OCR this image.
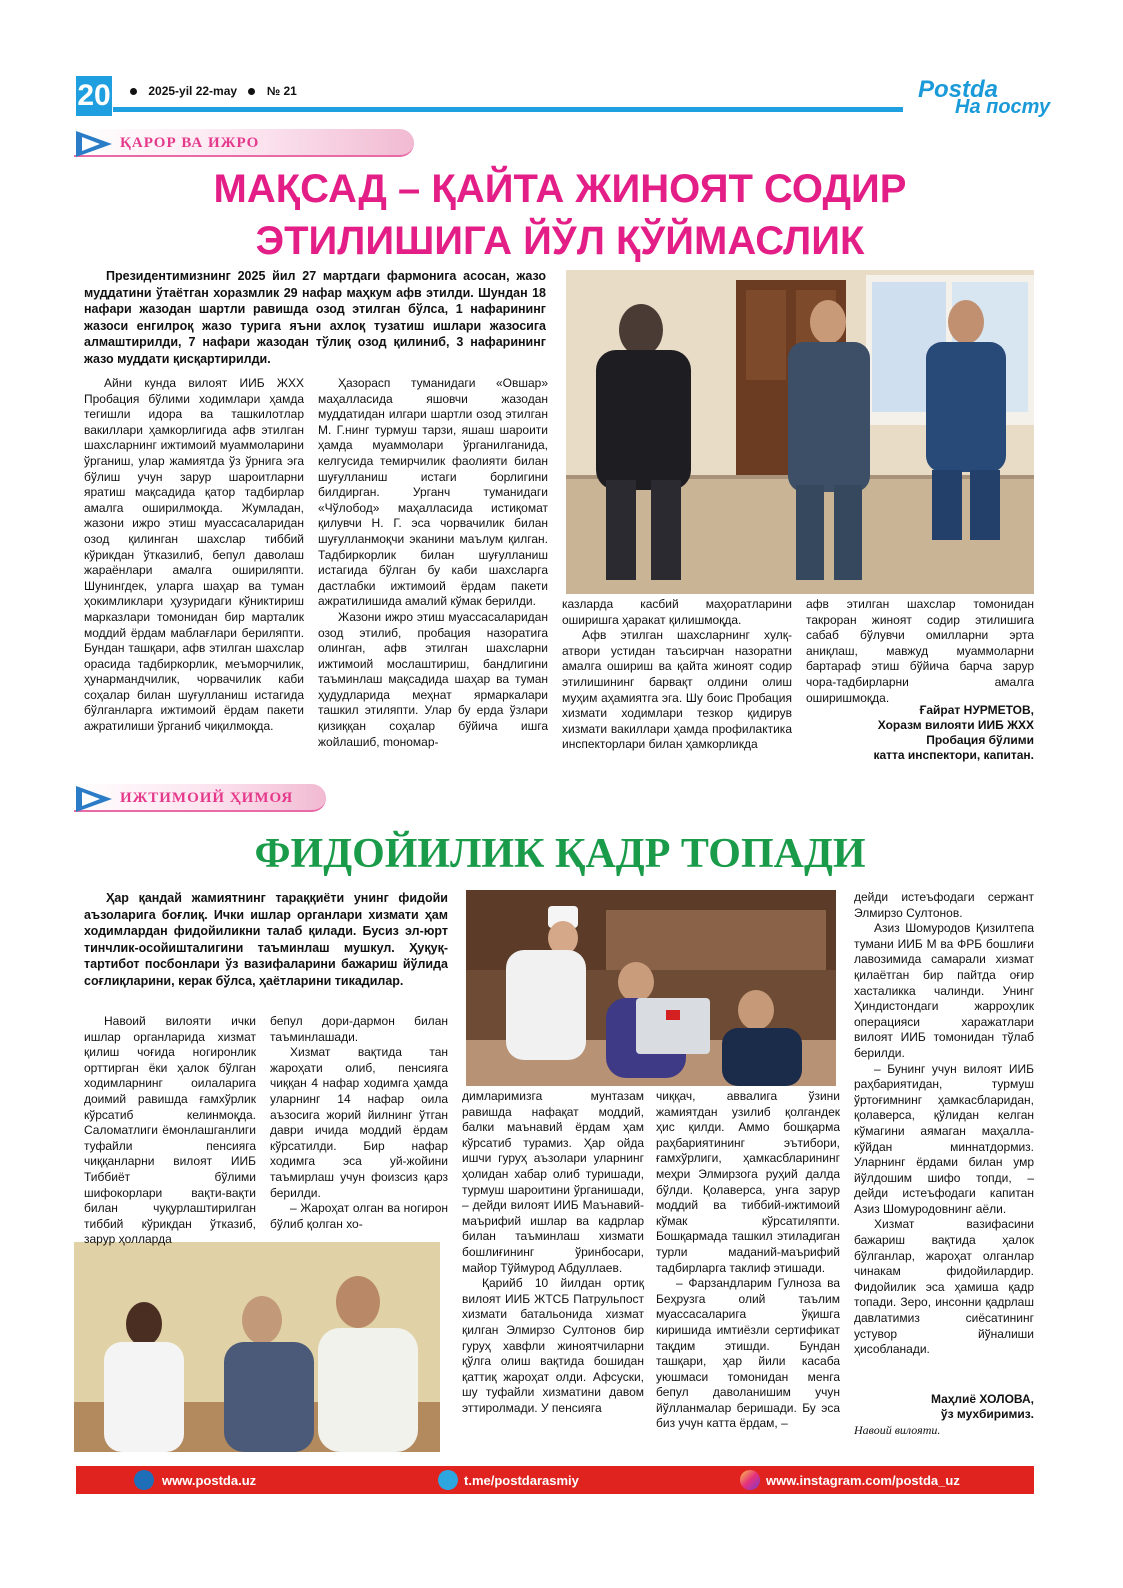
20	2025-yil 22-may № 21	Postda
На посту
ҚАРОР ВА ИЖРО
МАҚСАД – ҚАЙТА ЖИНОЯТ СОДИР
ЭТИЛИШИГА ЙЎЛ ҚЎЙМАСЛИК
Президентимизнинг 2025 йил 27 мартдаги фармонига асосан, жазо муддатини ўтаётган хоразмлик 29 нафар маҳкум афв этилди. Шундан 18 нафари жазодан шартли равишда озод этилган бўлса, 1 нафарининг жазоси енгилроқ жазо турига яъни ахлоқ тузатиш ишлари жазосига алмаштирилди, 7 нафари жазодан тўлиқ озод қилиниб, 3 нафарининг жазо муддати қисқартирилди.

Айни кунда вилоят ИИБ ЖХХ Пробация бўлими ходимлари ҳамда тегишли идора ва ташкилотлар вакиллари ҳамкорлигида афв этилган шахсларнинг ижтимоий муаммоларини ўрганиш, улар жамиятда ўз ўрнига эга бўлиш учун зарур шароитларни яратиш мақсадида қатор тадбирлар амалга оширилмоқда. Жумладан, жазони ижро этиш муассасаларидан озод қилинган шахслар тиббий кўрикдан ўтказилиб, бепул даволаш жараёнлари амалга ошириляпти. Шунингдек, уларга шаҳар ва туман ҳокимликлари ҳузуридаги кўниктириш марказлари томонидан бир марталик моддий ёрдам маблағлари бериляпти. Бундан ташқари, афв этилган шахслар орасида тадбиркорлик, меъморчилик, ҳунармандчилик, чорвачилик каби соҳалар билан шуғулланиш истагида бўлганларга ижтимоий ёрдам пакети ажратилиши ўрганиб чиқилмоқда.

Ҳазорасп туманидаги «Овшар» маҳалласида яшовчи жазодан муддатидан илгари шартли озод этилган М. Г.нинг турмуш тарзи, яшаш шароити ҳамда муаммолари ўрганилганида, келгусида темирчилик фаолияти билан шуғулланиш истаги борлигини билдирган. Урганч туманидаги «Чўлобод» маҳалласида истиқомат қилувчи Н. Г. эса чорвачилик билан шуғулланмоқчи эканини маълум қилган. Тадбиркорлик билан шуғулланиш истагида бўлган бу каби шахсларга дастлабки ижтимоий ёрдам пакети ажратилишида амалий кўмак берилди.

Жазони ижро этиш муассасаларидан озод этилиб, пробация назоратига олинган, афв этилган шахсларни ижтимоий мослаштириш, бандлигини таъминлаш мақсадида шаҳар ва туман ҳудудларида меҳнат ярмаркалари ташкил этиляпти. Улар бу ерда ўзлари қизиққан соҳалар бўйича ишга жойлашиб, mономар-

казларда касбий маҳоратларини оширишга ҳаракат қилишмоқда.

Афв этилган шахсларнинг хулқ-атвори устидан таъсирчан назоратни амалга ошириш ва қайта жиноят содир этилишининг барвақт олдини олиш муҳим аҳамиятга эга. Шу боис Пробация хизмати ходимлари тезкор қидирув хизмати вакиллари ҳамда профилактика инспекторлари билан ҳамкорликда

афв этилган шахслар томонидан такроран жиноят содир этилишига сабаб бўлувчи омилларни эрта аниқлаш, мавжуд муаммоларни бартараф этиш бўйича барча зарур чора-тадбирларни амалга оширишмоқда.

Ғайрат НУРМЕТОВ,
Хоразм вилояти ИИБ ЖХХ
Пробация бўлими
катта инспектори, капитан.
ИЖТИМОИЙ ҲИМОЯ
ФИДОЙИЛИК ҚАДР ТОПАДИ
Ҳар қандай жамиятнинг тараққиёти унинг фидойи аъзоларига боғлиқ. Ички ишлар органлари хизмати ҳам ходимлардан фидойиликни талаб қилади. Бусиз эл-юрт тинчлик-осойишталигини таъминлаш мушкул. Ҳуқуқ-тартибот посбонлари ўз вазифаларини бажариш йўлида соғлиқларини, керак бўлса, ҳаётларини тикадилар.

Навоий вилояти ички ишлар органларида хизмат қилиш чоғида ногиронлик орттирган ёки ҳалок бўлган ходимларнинг оилаларига доимий равишда ғамхўрлик кўрсатиб келинмоқда. Саломатлиги ёмонлашганлиги туфайли пенсияга чиққанларни вилоят ИИБ Тиббиёт бўлими шифокорлари вақти-вақти билан чуқурлаштирилган тиббий кўрикдан ўтказиб, зарур ҳолларда

бепул дори-дармон билан таъминлашади.

Хизмат вақтида тан жароҳати олиб, пенсияга чиққан 4 нафар ходимга ҳамда уларнинг 14 нафар оила аъзосига жорий йилнинг ўтган даври ичида моддий ёрдам кўрсатилди. Бир нафар ходимга эса уй-жойини таъмирлаш учун фоизсиз қарз берилди.

– Жароҳат олган ва ногирон бўлиб қолган хо-

димларимизга мунтазам равишда нафақат моддий, балки маънавий ёрдам ҳам кўрсатиб турамиз. Ҳар ойда ишчи гуруҳ аъзолари уларнинг ҳолидан хабар олиб туришади, турмуш шароитини ўрганишади, – дейди вилоят ИИБ Маънавий-маърифий ишлар ва кадрлар билан таъминлаш хизмати бошлиғининг ўринбосари, майор Тўймурод Абдуллаев.

Қарийб 10 йилдан ортиқ вилоят ИИБ ЖТСБ Патрульпост хизмати батальонида хизмат қилган Элмирзо Султонов бир гуруҳ хавфли жиноятчиларни қўлга олиш вақтида бошидан қаттиқ жароҳат олди. Афсуски, шу туфайли хизматини давом эттиролмади. У пенсияга

чиққач, аввалига ўзини жамиятдан узилиб қолгандек ҳис қилди. Аммо бошқарма раҳбариятининг эътибори, ғамхўрлиги, ҳамкасбларининг меҳри Элмирзога руҳий далда бўлди. Қолаверса, унга зарур моддий ва тиббий-ижтимоий кўмак кўрсатиляпти. Бошқармада ташкил этиладиган турли маданий-маърифий тадбирларга таклиф этишади.

– Фарзандларим Гулноза ва Беҳрузга олий таълим муассасаларига ўқишга киришида имтиёзли сертификат тақдим этишди. Бундан ташқари, ҳар йили касаба уюшмаси томонидан менга бепул даволанишим учун йўлланмалар беришади. Бу эса биз учун катта ёрдам, –

дейди истеъфодаги сержант Элмирзо Султонов.

Азиз Шомуродов Қизилтепа тумани ИИБ М ва ФРБ бошлиғи лавозимида самарали хизмат қилаётган бир пайтда оғир хасталикка чалинди. Унинг Ҳиндистондаги жарроҳлик операцияси харажатлари вилоят ИИБ томонидан тўлаб берилди.

– Бунинг учун вилоят ИИБ раҳбариятидан, турмуш ўртоғимнинг ҳамкасбларидан, қолаверса, қўлидан келган кўмагини аямаган маҳалла-кўйдан миннатдормиз. Уларнинг ёрдами билан умр йўлдошим шифо топди, – дейди истеъфодаги капитан Азиз Шомуродовнинг аёли.

Хизмат вазифасини бажариш вақтида ҳалок бўлганлар, жароҳат олганлар чинакам фидойилардир. Фидойилик эса ҳамиша қадр топади. Зеро, инсонни қадрлаш давлатимиз сиёсатининг устувор йўналиши ҳисобланади.

Маҳлиё ХОЛОВА,
ўз мухбиримиз.
Навоий вилояти.
www.postda.uz	t.me/postdarasmiy	www.instagram.com/postda_uz
